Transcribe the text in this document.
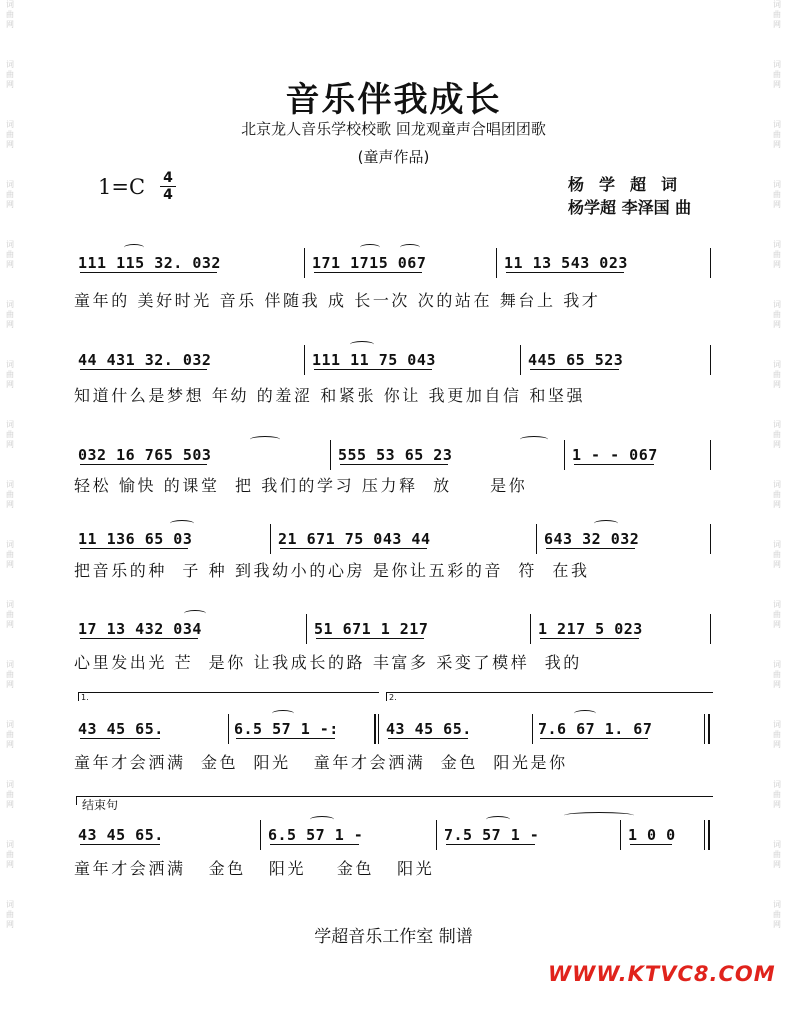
词
曲
网
词
曲
网
词
曲
网
词
曲
网
词
曲
网
词
曲
网
词
曲
网
词
曲
网
词
曲
网
词
曲
网
词
曲
网
词
曲
网
词
曲
网
词
曲
网
词
曲
网
词
曲
网
词
曲
网
词
曲
网
词
曲
网
词
曲
网
词
曲
网
词
曲
网
词
曲
网
词
曲
网
词
曲
网
词
曲
网
词
曲
网
词
曲
网
词
曲
网
词
曲
网
词
曲
网
词
曲
网
音乐伴我成长
北京龙人音乐学校校歌 回龙观童声合唱团团歌
(童声作品)
1=C 4
4
杨学超词
杨学超 李泽国 曲
111 115 32. 032	171 1715 067	11 13 543 023
童年的 美好时光 音乐 伴随我 成 长一次 次的站在 舞台上 我才
44 431 32. 032	111 11 75 043	445 65 523
知道什么是梦想 年幼 的羞涩 和紧张 你让 我更加自信 和坚强
032 16 765 503	555 53 65 23	1 - - 067
轻松 愉快 的课堂  把 我们的学习 压力释  放     是你
11 136 65 03	21 671 75 043 44	643 32 032
把音乐的种  子 种 到我幼小的心房 是你让五彩的音  符  在我
17 13 432 034	51 671 1 217	1 217 5 023
心里发出光 芒  是你 让我成长的路 丰富多 采变了模样  我的
1.	2.
43 45 65.	6.5 57 1 -:	43 45 65.	7.6 67 1. 67
童年才会洒满  金色  阳光   童年才会洒满  金色  阳光是你
结束句
43 45 65.	6.5 57 1 -	7.5 57 1 -	1 0 0
童年才会洒满   金色   阳光    金色   阳光
学超音乐工作室 制谱
WWW.KTVC8.COM
